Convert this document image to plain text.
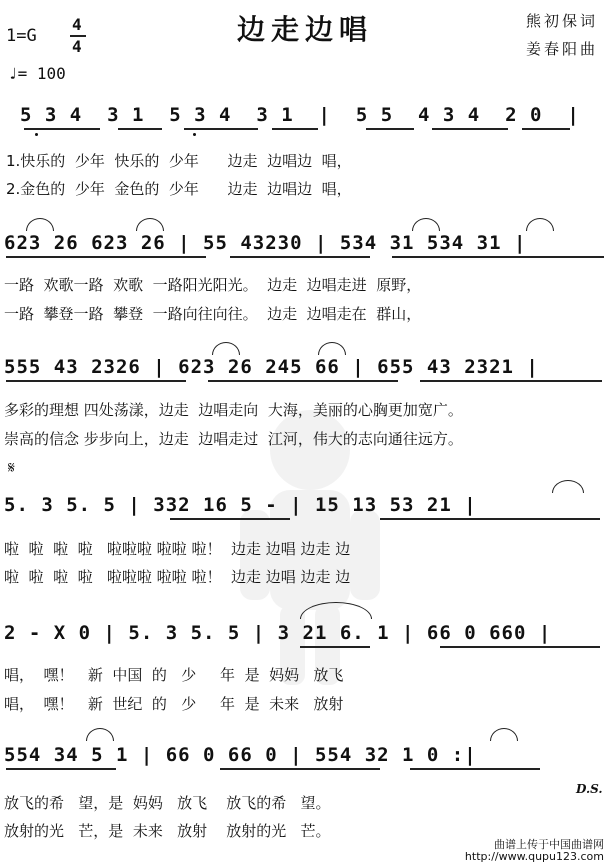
1=G
4
4
♩= 100
边走边唱	熊初保词
姜春阳曲
5 3 4  3 1  5 3 4  3 1  |  5 5  4 3 4  2 0  |
1.快乐的  少年  快乐的  少年      边走  边唱边  唱，
2.金色的  少年  金色的  少年      边走  边唱边  唱，
623 26 623 26 | 55 43230 | 534 31 534 31 |
一路  欢歌一路  欢歌  一路阳光阳光。  边走  边唱走进  原野，
一路  攀登一路  攀登  一路向往向往。  边走  边唱走在  群山，
555 43 2326 | 623 26 245 66 | 655 43 2321 |
多彩的理想 四处荡漾，边走  边唱走向  大海，美丽的心胸更加宽广。
崇高的信念 步步向上，边走  边唱走过  江河，伟大的志向通往远方。
𝄋
5. 3 5. 5 | 332 16 5 - | 15 13 53 21 |
啦  啦  啦  啦   啦啦啦 啦啦 啦！  边走 边唱 边走 边
啦  啦  啦  啦   啦啦啦 啦啦 啦！  边走 边唱 边走 边
2 - X 0 | 5. 3 5. 5 | 3 21 6. 1 | 66 0 660 |
唱，  嘿！   新  中国  的   少     年  是  妈妈   放飞
唱，  嘿！   新  世纪  的   少     年  是  未来   放射
554 34 5 1 | 66 0 66 0 | 554 32 1 0 :|
D.S.
放飞的希   望，是  妈妈   放飞    放飞的希   望。
放射的光   芒，是  未来   放射    放射的光   芒。
曲谱上传于中国曲谱网
http://www.qupu123.com
